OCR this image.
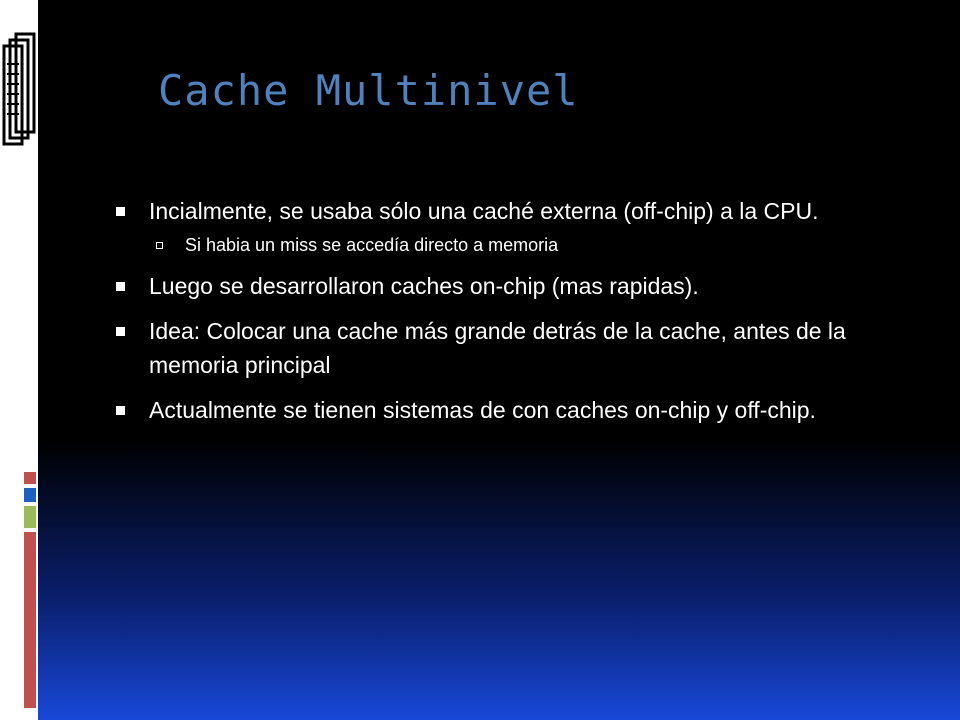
Cache Multinivel
Incialmente, se usaba sólo una caché externa (off-chip) a la CPU.
Si habia un miss se accedía directo a memoria
Luego se desarrollaron caches on-chip (mas rapidas).
Idea: Colocar una cache más grande detrás de la cache, antes de la memoria principal
Actualmente se tienen sistemas de con caches on-chip y off-chip.
